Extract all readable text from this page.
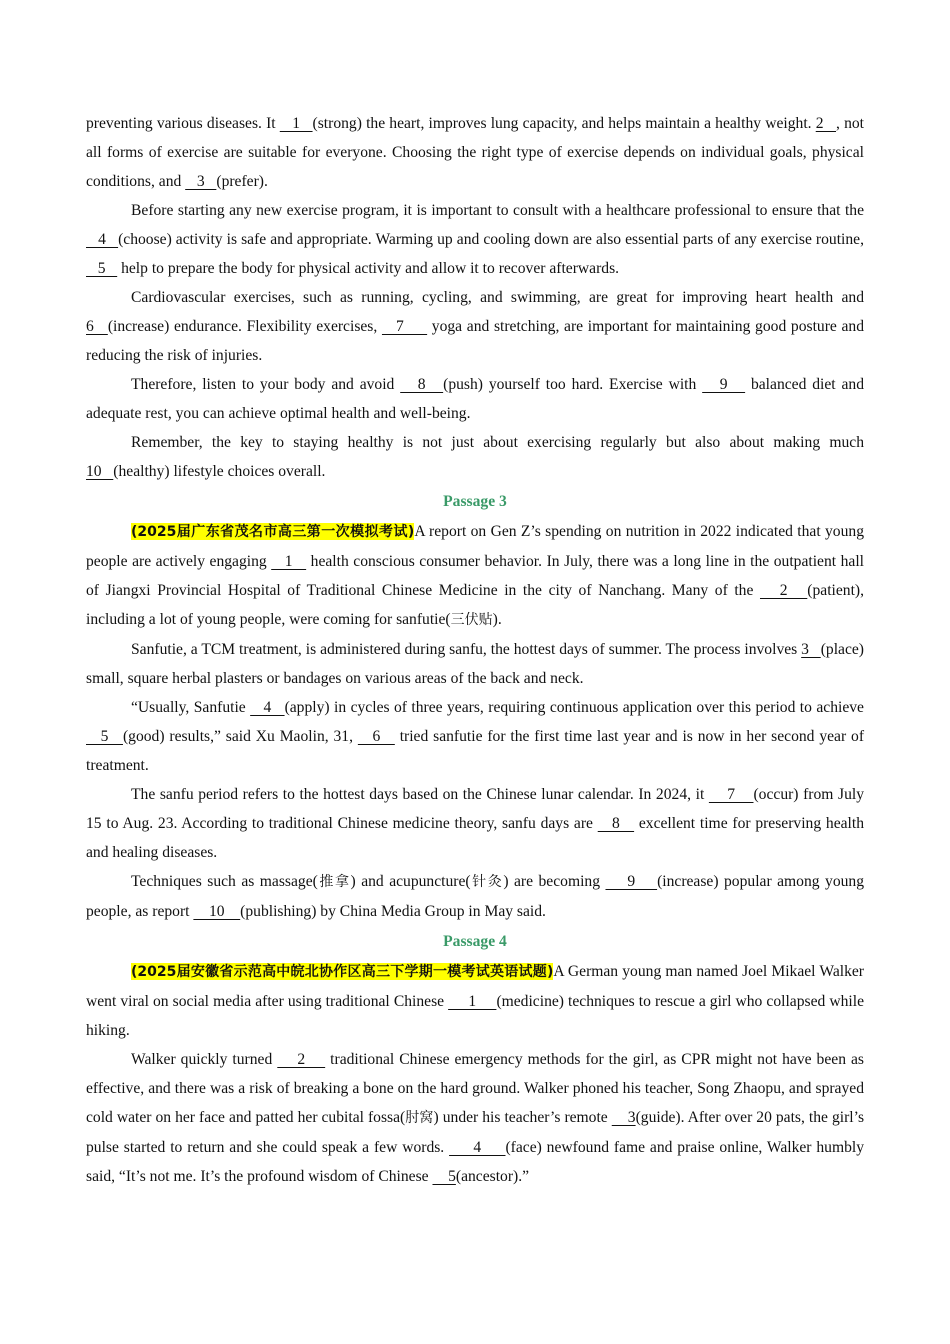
preventing various diseases. It    1   (strong) the heart, improves lung capacity, and helps maintain a healthy weight. 2   , not all forms of exercise are suitable for everyone. Choosing the right type of exercise depends on individual goals, physical conditions, and    3   (prefer).

Before starting any new exercise program, it is important to consult with a healthcare professional to ensure that the    4   (choose) activity is safe and appropriate. Warming up and cooling down are also essential parts of any exercise routine,    5    help to prepare the body for physical activity and allow it to recover afterwards.

Cardiovascular exercises, such as running, cycling, and swimming, are great for improving heart health and 6   (increase) endurance. Flexibility exercises,    7      yoga and stretching, are important for maintaining good posture and reducing the risk of injuries.

Therefore, listen to your body and avoid    8   (push) yourself too hard. Exercise with    9    balanced diet and adequate rest, you can achieve optimal health and well-being.

Remember, the key to staying healthy is not just about exercising regularly but also about making much 10   (healthy) lifestyle choices overall.

Passage 3

(2025届广东省茂名市高三第一次模拟考试)A report on Gen Z’s spending on nutrition in 2022 indicated that young people are actively engaging    1    health conscious consumer behavior. In July, there was a long line in the outpatient hall of Jiangxi Provincial Hospital of Traditional Chinese Medicine in the city of Nanchang. Many of the    2   (patient), including a lot of young people, were coming for sanfutie(三伏贴).

Sanfutie, a TCM treatment, is administered during sanfu, the hottest days of summer. The process involves 3   (place) small, square herbal plasters or bandages on various areas of the back and neck.

“Usually, Sanfutie    4   (apply) in cycles of three years, requiring continuous application over this period to achieve    5   (good) results,” said Xu Maolin, 31,    6    tried sanfutie for the first time last year and is now in her second year of treatment.

The sanfu period refers to the hottest days based on the Chinese lunar calendar. In 2024, it     7    (occur) from July 15 to Aug. 23. According to traditional Chinese medicine theory, sanfu days are    8    excellent time for preserving health and healing diseases.

Techniques such as massage(推拿) and acupuncture(针灸) are becoming     9    (increase) popular among young people, as report     10    (publishing) by China Media Group in May said.

Passage 4

(2025届安徽省示范高中皖北协作区高三下学期一模考试英语试题)A German young man named Joel Mikael Walker went viral on social media after using traditional Chinese      1     (medicine) techniques to rescue a girl who collapsed while hiking.

Walker quickly turned     2     traditional Chinese emergency methods for the girl, as CPR might not have been as effective, and there was a risk of breaking a bone on the hard ground. Walker phoned his teacher, Song Zhaopu, and sprayed cold water on her face and patted her cubital fossa(肘窝) under his teacher’s remote     3(guide). After over 20 pats, the girl’s pulse started to return and she could speak a few words.      4     (face) newfound fame and praise online, Walker humbly said, “It’s not me. It’s the profound wisdom of Chinese     5(ancestor).”
